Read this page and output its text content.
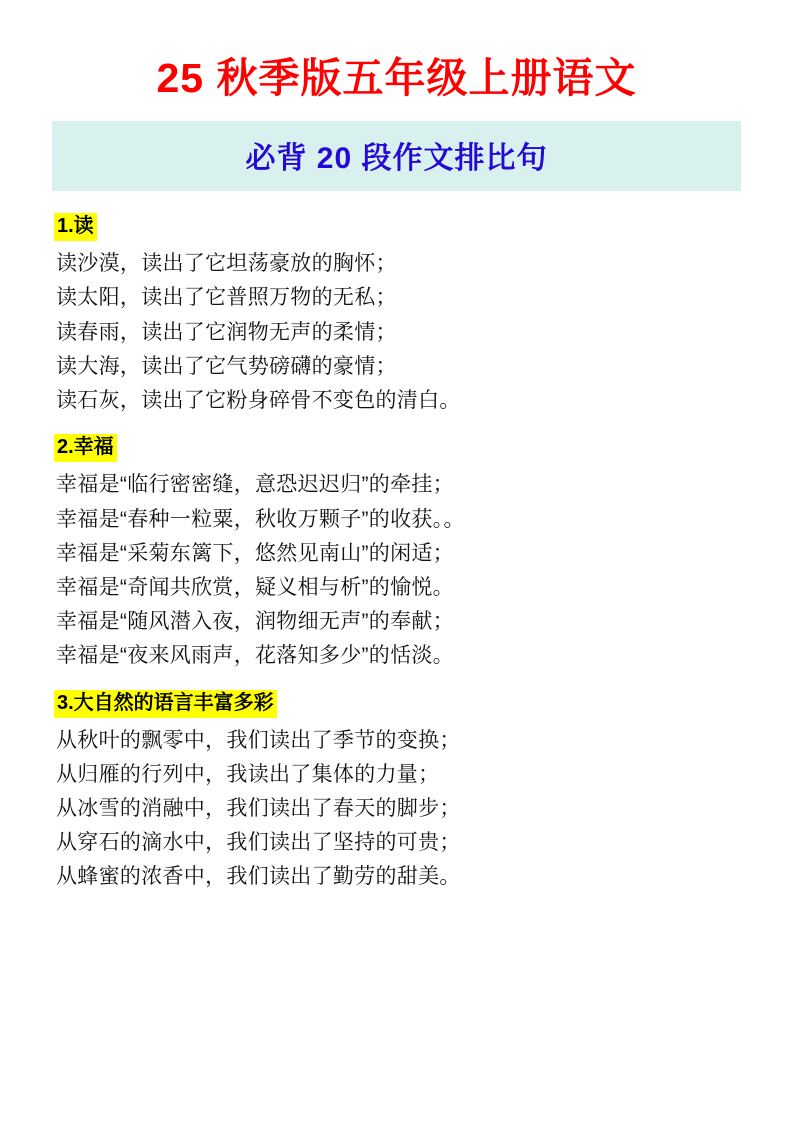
25 秋季版五年级上册语文
必背 20 段作文排比句
1.读

读沙漠，读出了它坦荡豪放的胸怀；

读太阳，读出了它普照万物的无私；

读春雨，读出了它润物无声的柔情；

读大海，读出了它气势磅礴的豪情；

读石灰，读出了它粉身碎骨不变色的清白。

2.幸福

幸福是“临行密密缝，意恐迟迟归”的牵挂；

幸福是“春种一粒粟，秋收万颗子”的收获。。

幸福是“采菊东篱下，悠然见南山”的闲适；

幸福是“奇闻共欣赏，疑义相与析”的愉悦。

幸福是“随风潜入夜，润物细无声”的奉献；

幸福是“夜来风雨声，花落知多少”的恬淡。

3.大自然的语言丰富多彩

从秋叶的飘零中，我们读出了季节的变换；

从归雁的行列中，我读出了集体的力量；

从冰雪的消融中，我们读出了春天的脚步；

从穿石的滴水中，我们读出了坚持的可贵；

从蜂蜜的浓香中，我们读出了勤劳的甜美。
